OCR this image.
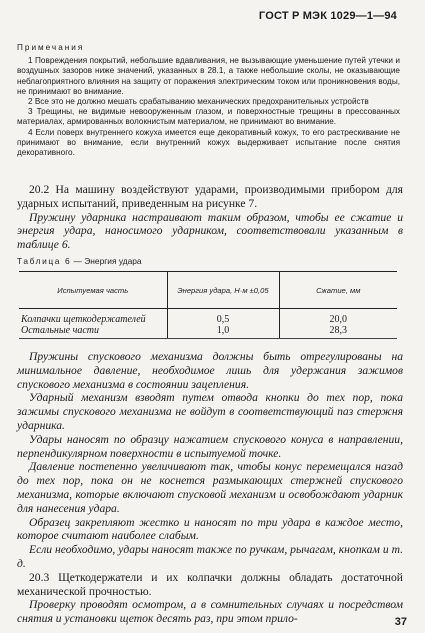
ГОСТ Р МЭК 1029—1—94
Примечания

1 Повреждения покрытий, небольшие вдавливания, не вызывающие уменьшение путей утечки и воздушных зазоров ниже значений, указанных в 28.1, а также небольшие сколы, не оказывающие неблагоприятного влияния на защиту от поражения электрическим током или проникновения воды, не принимают во внимание.

2 Все это не должно мешать срабатыванию механических предохранительных устройств

3 Трещины, не видимые невооруженным глазом, и поверхностные трещины в прессованных материалах, армированных волокнистым материалом, не принимают во внимание.

4 Если поверх внутреннего кожуха имеется еще декоративный кожух, то его растрескивание не принимают во внимание, если внутренний кожух выдерживает испытание после снятия декоративного.

20.2 На машину воздействуют ударами, производимыми прибором для ударных испытаний, приведенным на рисунке 7.

Пружину ударника настраивают таким образом, чтобы ее сжатие и энергия удара, наносимого ударником, соответствовали указанным в таблице 6.

Таблица 6 — Энергия удара
Испытуемая часть	Энергия удара, Н·м ±0,05	Сжатие, мм
Колпачки щеткодержателей	0,5	20,0
Остальные части	1,0	28,3

Пружины спускового механизма должны быть отрегулированы на минимальное давление, необходимое лишь для удержания зажимов спускового механизма в состоянии зацепления.

Ударный механизм взводят путем отвода кнопки до тех пор, пока зажимы спускового механизма не войдут в соответствующий паз стержня ударника.

Удары наносят по образцу нажатием спускового конуса в направлении, перпендикулярном поверхности в испытуемой точке.

Давление постепенно увеличивают так, чтобы конус перемещался назад до тех пор, пока он не коснется размыкающих стержней спускового механизма, которые включают спусковой механизм и освобождают ударник для нанесения удара.

Образец закрепляют жестко и наносят по три удара в каждое место, которое считают наиболее слабым.

Если необходимо, удары наносят также по ручкам, рычагам, кнопкам и т. д.

20.3 Щеткодержатели и их колпачки должны обладать достаточной механической прочностью.

Проверку проводят осмотром, а в сомнительных случаях и посредством снятия и установки щеток десять раз, при этом прило-	37
